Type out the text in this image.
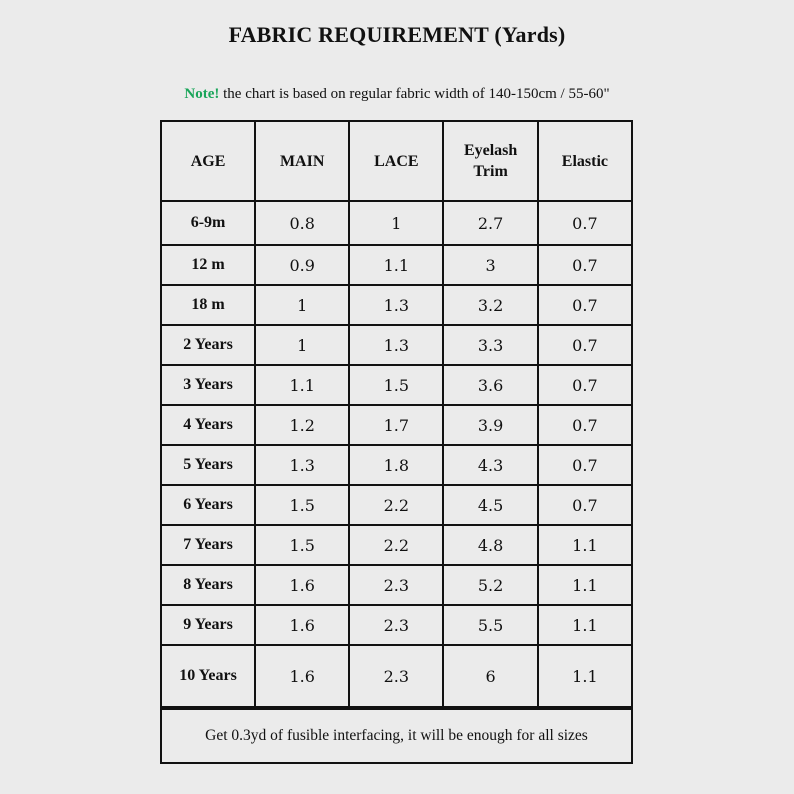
FABRIC REQUIREMENT (Yards)
Note! the chart is based on regular fabric width of 140-150cm / 55-60"
AGE	MAIN	LACE	Eyelash Trim	Elastic
6-9m	0.8	1	2.7	0.7
12 m	0.9	1.1	3	0.7
18 m	1	1.3	3.2	0.7
2 Years	1	1.3	3.3	0.7
3 Years	1.1	1.5	3.6	0.7
4 Years	1.2	1.7	3.9	0.7
5 Years	1.3	1.8	4.3	0.7
6 Years	1.5	2.2	4.5	0.7
7 Years	1.5	2.2	4.8	1.1
8 Years	1.6	2.3	5.2	1.1
9 Years	1.6	2.3	5.5	1.1
10 Years	1.6	2.3	6	1.1
Get 0.3yd of fusible interfacing, it will be enough for all sizes				
